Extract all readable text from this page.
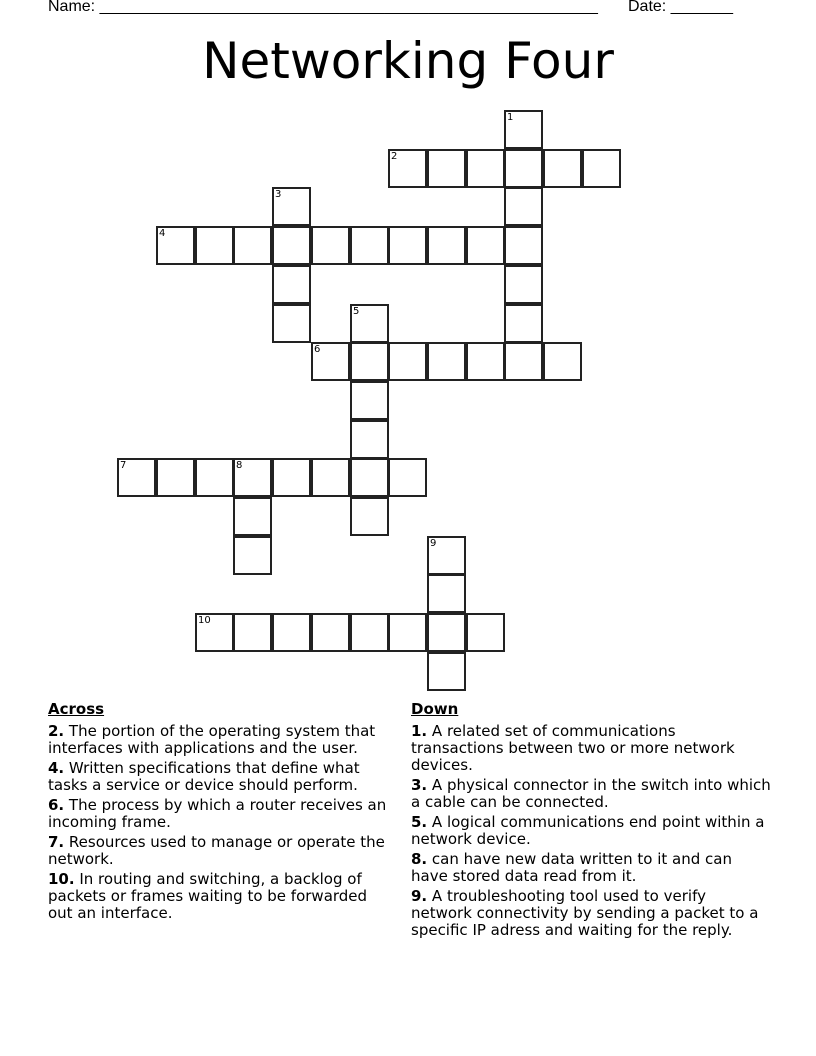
Name: ________________________________________________________ Date: _______
Networking Four
1
2
3
4
5
6
7	8
9
10
Across
2. The portion of the operating system that interfaces with applications and the user.
4. Written specifications that define what tasks a service or device should perform.
6. The process by which a router receives an incoming frame.
7. Resources used to manage or operate the network.
10. In routing and switching, a backlog of packets or frames waiting to be forwarded out an interface.
Down
1. A related set of communications transactions between two or more network devices.
3. A physical connector in the switch into which a cable can be connected.
5. A logical communications end point within a network device.
8. can have new data written to it and can have stored data read from it.
9. A troubleshooting tool used to verify network connectivity by sending a packet to a specific IP adress and waiting for the reply.
